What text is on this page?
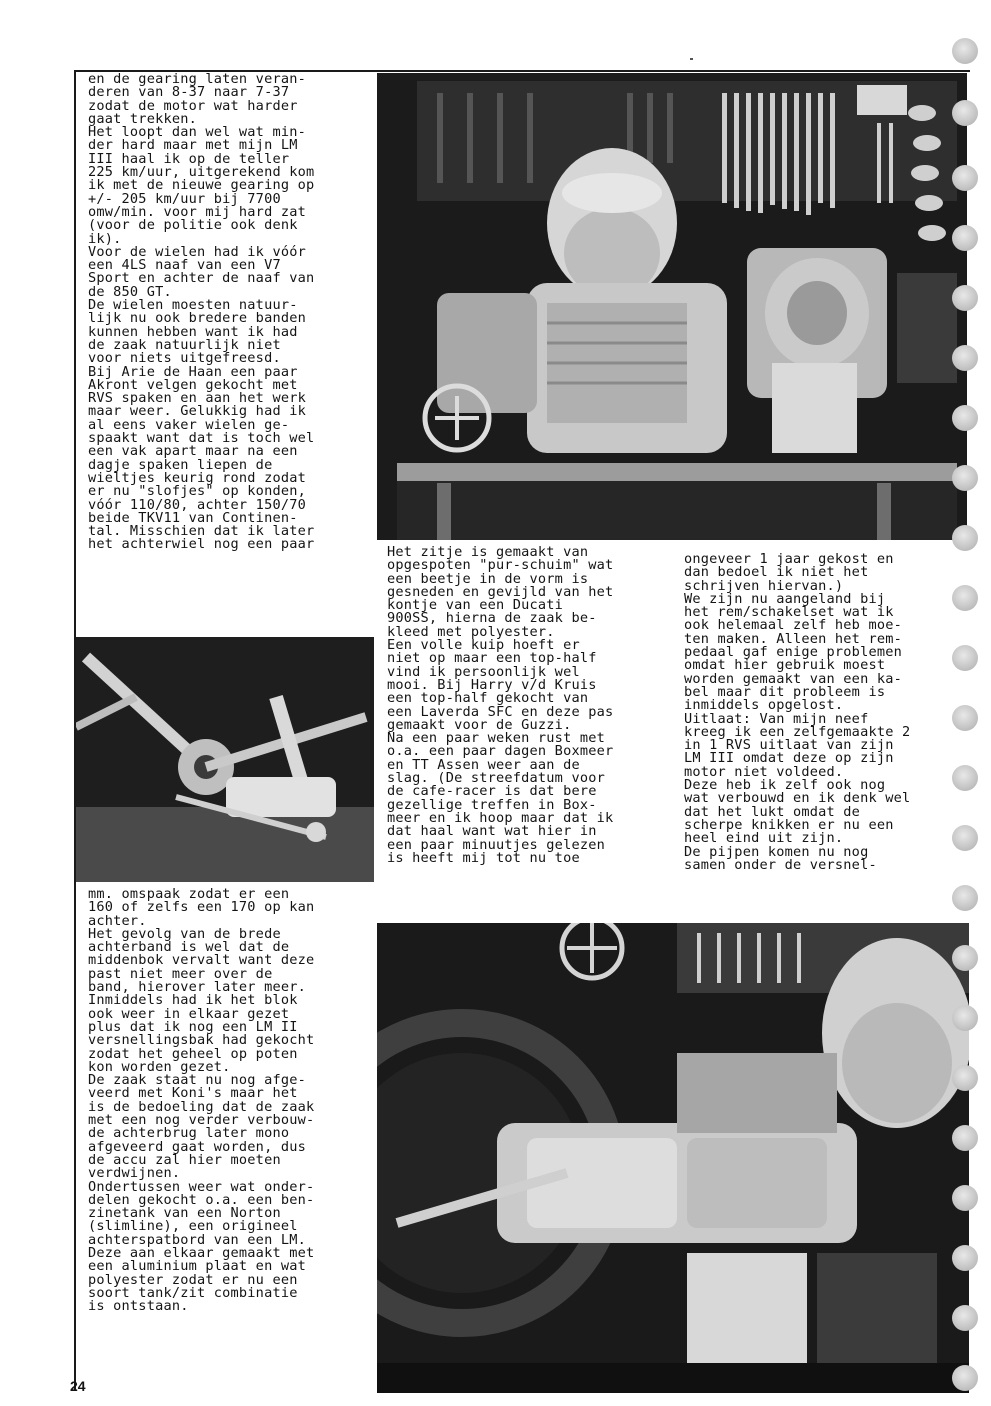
en de gearing laten veran-
deren van 8-37 naar 7-37
zodat de motor wat harder
gaat trekken.
Het loopt dan wel wat min-
der hard maar met mijn LM
III haal ik op de teller
225 km/uur, uitgerekend kom
ik met de nieuwe gearing op
+/- 205 km/uur bij 7700
omw/min. voor mij hard zat
(voor de politie ook denk
ik).
Voor de wielen had ik vóór
een 4LS naaf van een V7
Sport en achter de naaf van
de 850 GT.
De wielen moesten natuur-
lijk nu ook bredere banden
kunnen hebben want ik had
de zaak natuurlijk niet
voor niets uitgefreesd.
Bij Arie de Haan een paar
Akront velgen gekocht met
RVS spaken en aan het werk
maar weer. Gelukkig had ik
al eens vaker wielen ge-
spaakt want dat is toch wel
een vak apart maar na een
dagje spaken liepen de
wieltjes keurig rond zodat
er nu "slofjes" op konden,
vóór 110/80, achter 150/70
beide TKV11 van Continen-
tal. Misschien dat ik later
het achterwiel nog een paar	Het zitje is gemaakt van
opgespoten "pur-schuim" wat
een beetje in de vorm is
gesneden en gevijld van het
kontje van een Ducati
900SS, hierna de zaak be-
kleed met polyester.
Een volle kuip hoeft er
niet op maar een top-half
vind ik persoonlijk wel
mooi. Bij Harry v/d Kruis
een top-half gekocht van
een Laverda SFC en deze pas
gemaakt voor de Guzzi.
Na een paar weken rust met
o.a. een paar dagen Boxmeer
en TT Assen weer aan de
slag. (De streefdatum voor
de cafe-racer is dat bere
gezellige treffen in Box-
meer en ik hoop maar dat ik
dat haal want wat hier in
een paar minuutjes gelezen
is heeft mij tot nu toe
ongeveer 1 jaar gekost en
dan bedoel ik niet het
schrijven hiervan.)
We zijn nu aangeland bij
het rem/schakelset wat ik
ook helemaal zelf heb moe-
ten maken. Alleen het rem-
pedaal gaf enige problemen
omdat hier gebruik moest
worden gemaakt van een ka-
bel maar dit probleem is
inmiddels opgelost.
Uitlaat: Van mijn neef
kreeg ik een zelfgemaakte 2
in 1 RVS uitlaat van zijn
LM III omdat deze op zijn
motor niet voldeed.
Deze heb ik zelf ook nog
wat verbouwd en ik denk wel
dat het lukt omdat de
scherpe knikken er nu een
heel eind uit zijn.
De pijpen komen nu nog
samen onder de versnel-
mm. omspaak zodat er een
160 of zelfs een 170 op kan
achter.
Het gevolg van de brede
achterband is wel dat de
middenbok vervalt want deze
past niet meer over de
band, hierover later meer.
Inmiddels had ik het blok
ook weer in elkaar gezet
plus dat ik nog een LM II
versnellingsbak had gekocht
zodat het geheel op poten
kon worden gezet.
De zaak staat nu nog afge-
veerd met Koni's maar het
is de bedoeling dat de zaak
met een nog verder verbouw-
de achterbrug later mono
afgeveerd gaat worden, dus
de accu zal hier moeten
verdwijnen.
Ondertussen weer wat onder-
delen gekocht o.a. een ben-
zinetank van een Norton
(slimline), een origineel
achterspatbord van een LM.
Deze aan elkaar gemaakt met
een aluminium plaat en wat
polyester zodat er nu een
soort tank/zit combinatie
is ontstaan.
24
